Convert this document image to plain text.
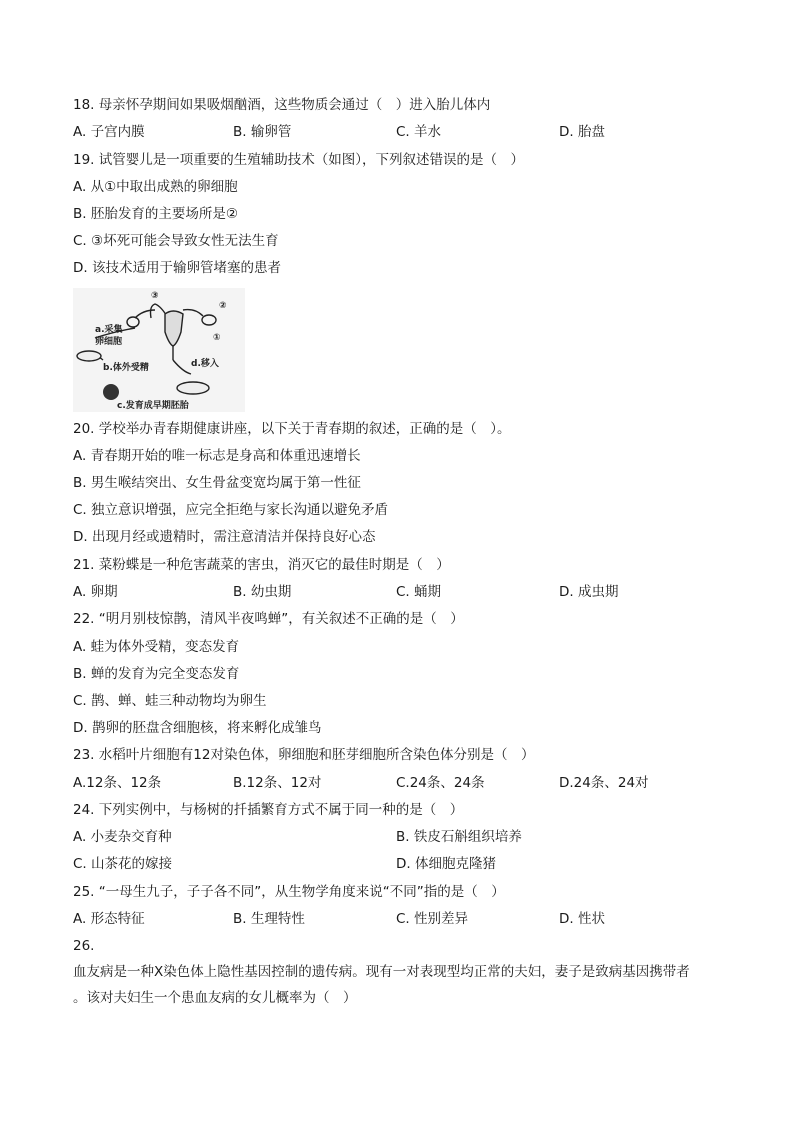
18. 母亲怀孕期间如果吸烟酗酒，这些物质会通过（　）进入胎儿体内
A. 子宫内膜	B. 输卵管	C. 羊水	D. 胎盘
19. 试管婴儿是一项重要的生殖辅助技术（如图），下列叙述错误的是（　）
A. 从①中取出成熟的卵细胞
B. 胚胎发育的主要场所是②
C. ③坏死可能会导致女性无法生育
D. 该技术适用于输卵管堵塞的患者
③
②
①
a.采集
卵细胞
b.体外受精	d.移入
c.发育成早期胚胎
20. 学校举办青春期健康讲座，以下关于青春期的叙述，正确的是（　）。
A. 青春期开始的唯一标志是身高和体重迅速增长
B. 男生喉结突出、女生骨盆变宽均属于第一性征
C. 独立意识增强，应完全拒绝与家长沟通以避免矛盾
D. 出现月经或遗精时，需注意清洁并保持良好心态
21. 菜粉蝶是一种危害蔬菜的害虫，消灭它的最佳时期是（　）
A. 卵期	B. 幼虫期	C. 蛹期	D. 成虫期
22. “明月别枝惊鹊，清风半夜鸣蝉”，有关叙述不正确的是（　）
A. 蛙为体外受精，变态发育
B. 蝉的发育为完全变态发育
C. 鹊、蝉、蛙三种动物均为卵生
D. 鹊卵的胚盘含细胞核，将来孵化成雏鸟
23. 水稻叶片细胞有12对染色体，卵细胞和胚芽细胞所含染色体分别是（　）
A.12条、12条	B.12条、12对	C.24条、24条	D.24条、24对
24. 下列实例中，与杨树的扦插繁育方式不属于同一种的是（　）
A. 小麦杂交育种	B. 铁皮石斛组织培养
C. 山茶花的嫁接	D. 体细胞克隆猪
25. “一母生九子，子子各不同”，从生物学角度来说“不同”指的是（　）
A. 形态特征	B. 生理特性	C. 性别差异	D. 性状
26.
血友病是一种X染色体上隐性基因控制的遗传病。现有一对表现型均正常的夫妇，妻子是致病基因携带者
。该对夫妇生一个患血友病的女儿概率为（　）
